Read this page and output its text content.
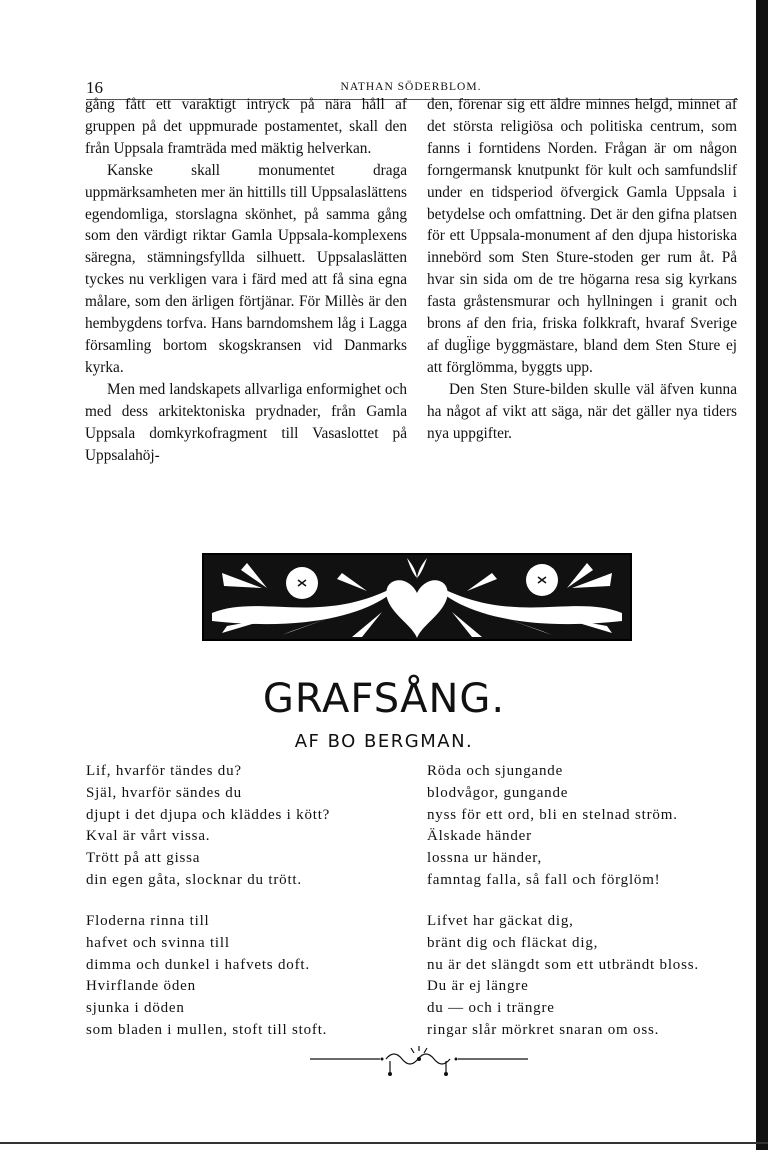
16	NATHAN SÖDERBLOM.

gång fått ett varaktigt intryck på nära håll af gruppen på det uppmurade postamentet, skall den från Uppsala framträda med mäktig helverkan.

Kanske skall monumentet draga uppmärksamheten mer än hittills till Uppsalaslättens egendomliga, storslagna skönhet, på samma gång som den värdigt riktar Gamla Uppsala-komplexens säregna, stämningsfyllda silhuett. Uppsalaslätten tyckes nu verkligen vara i färd med att få sina egna målare, som den ärligen förtjänar. För Millès är den hembygdens torfva. Hans barndomshem låg i Lagga församling bortom skogskransen vid Danmarks kyrka.

Men med landskapets allvarliga enformighet och med dess arkitektoniska prydnader, från Gamla Uppsala domkyrkofragment till Vasaslottet på Uppsalahöj-

den, förenar sig ett äldre minnes helgd, minnet af det största religiösa och politiska centrum, som fanns i forntidens Norden. Frågan är om någon forngermansk knutpunkt för kult och samfundslif under en tidsperiod öfvergick Gamla Uppsala i betydelse och omfattning. Det är den gifna platsen för ett Uppsala-monument af den djupa historiska innebörd som Sten Sture-stoden ger rum åt. På hvar sin sida om de tre högarna resa sig kyrkans fasta gråstensmurar och hyllningen i granit och brons af den fria, friska folkkraft, hvaraf Sverige af dugl̈ige byggmästare, bland dem Sten Sture ej att förglömma, byggts upp.

Den Sten Sture-bilden skulle väl äfven kunna ha något af vikt att säga, när det gäller nya tiders nya uppgifter.

GRAFSÅNG.
AF BO BERGMAN.
Lif, hvarför tändes du?
Själ, hvarför sändes du
djupt i det djupa och kläddes i kött?
Kval är vårt vissa.
Trött på att gissa
din egen gåta, slocknar du trött.
Röda och sjungande
blodvågor, gungande
nyss för ett ord, bli en stelnad ström.
Älskade händer
lossna ur händer,
famntag falla, så fall och förglöm!
Floderna rinna till
hafvet och svinna till
dimma och dunkel i hafvets doft.
Hvirflande öden
sjunka i döden
som bladen i mullen, stoft till stoft.
Lifvet har gäckat dig,
bränt dig och fläckat dig,
nu är det slängdt som ett utbrändt bloss.
Du är ej längre
du — och i trängre
ringar slår mörkret snaran om oss.
